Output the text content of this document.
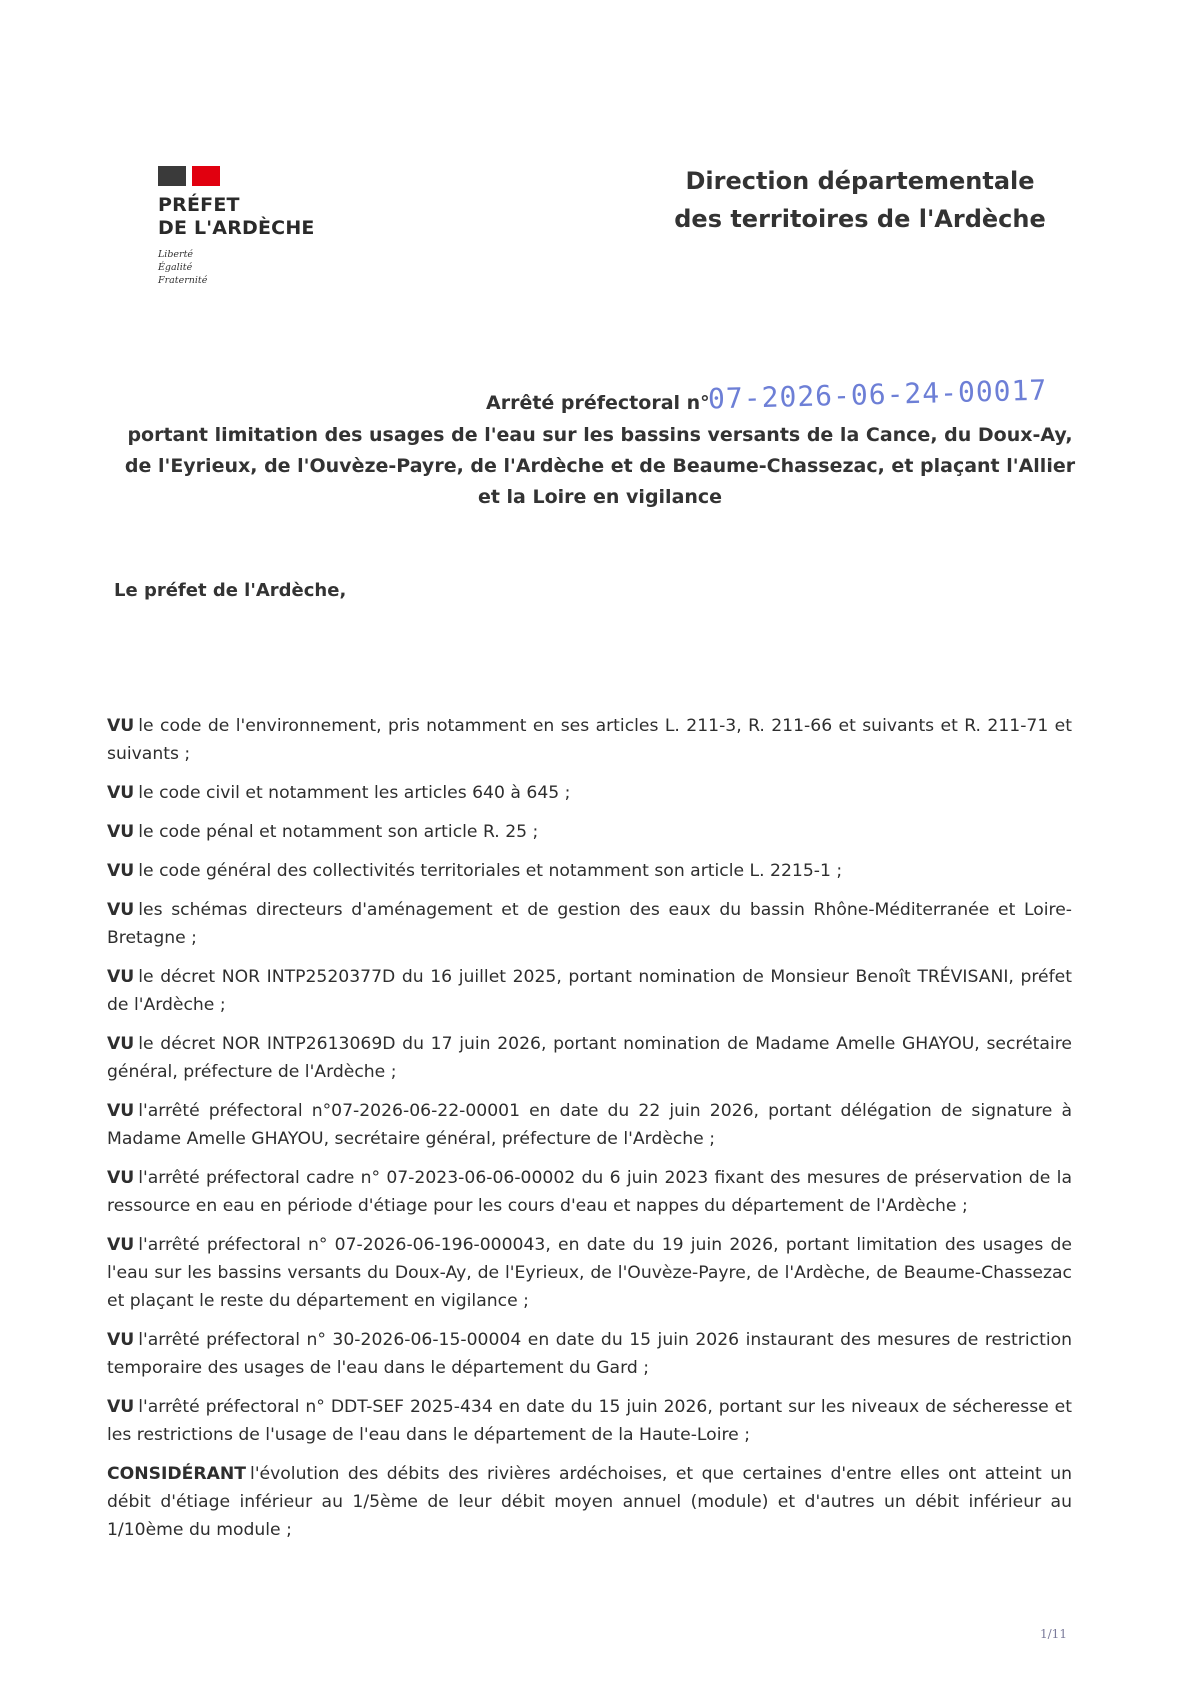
PRÉFET
DE L'ARDÈCHE
Liberté
Égalité
Fraternité
Direction départementale
des territoires de l'Ardèche
Arrêté préfectoral n°
07-2026-06-24-00017
portant limitation des usages de l'eau sur les bassins versants de la Cance, du Doux-Ay, de l'Eyrieux, de l'Ouvèze-Payre, de l'Ardèche et de Beaume-Chassezac, et plaçant l'Allier et la Loire en vigilance
Le préfet de l'Ardèche,

VU le code de l'environnement, pris notamment en ses articles L. 211-3, R. 211-66 et suivants et R. 211-71 et suivants ;

VU le code civil et notamment les articles 640 à 645 ;

VU le code pénal et notamment son article R. 25 ;

VU le code général des collectivités territoriales et notamment son article L. 2215-1 ;

VU les schémas directeurs d'aménagement et de gestion des eaux du bassin Rhône-Méditerranée et Loire-Bretagne ;

VU le décret NOR INTP2520377D du 16 juillet 2025, portant nomination de Monsieur Benoît TRÉVISANI, préfet de l'Ardèche ;

VU le décret NOR INTP2613069D du 17 juin 2026, portant nomination de Madame Amelle GHAYOU, secrétaire général, préfecture de l'Ardèche ;

VU l'arrêté préfectoral n°07-2026-06-22-00001 en date du 22 juin 2026, portant délégation de signature à Madame Amelle GHAYOU, secrétaire général, préfecture de l'Ardèche ;

VU l'arrêté préfectoral cadre n° 07-2023-06-06-00002 du 6 juin 2023 fixant des mesures de préservation de la ressource en eau en période d'étiage pour les cours d'eau et nappes du département de l'Ardèche ;

VU l'arrêté préfectoral n° 07-2026-06-196-000043, en date du 19 juin 2026, portant limitation des usages de l'eau sur les bassins versants du Doux-Ay, de l'Eyrieux, de l'Ouvèze-Payre, de l'Ardèche, de Beaume-Chassezac et plaçant le reste du département en vigilance ;

VU l'arrêté préfectoral n° 30-2026-06-15-00004 en date du 15 juin 2026 instaurant des mesures de restriction temporaire des usages de l'eau dans le département du Gard ;

VU l'arrêté préfectoral n° DDT-SEF 2025-434 en date du 15 juin 2026, portant sur les niveaux de sécheresse et les restrictions de l'usage de l'eau dans le département de la Haute-Loire ;

CONSIDÉRANT l'évolution des débits des rivières ardéchoises, et que certaines d'entre elles ont atteint un débit d'étiage inférieur au 1/5ème de leur débit moyen annuel (module) et d'autres un débit inférieur au 1/10ème du module ;

1/11
